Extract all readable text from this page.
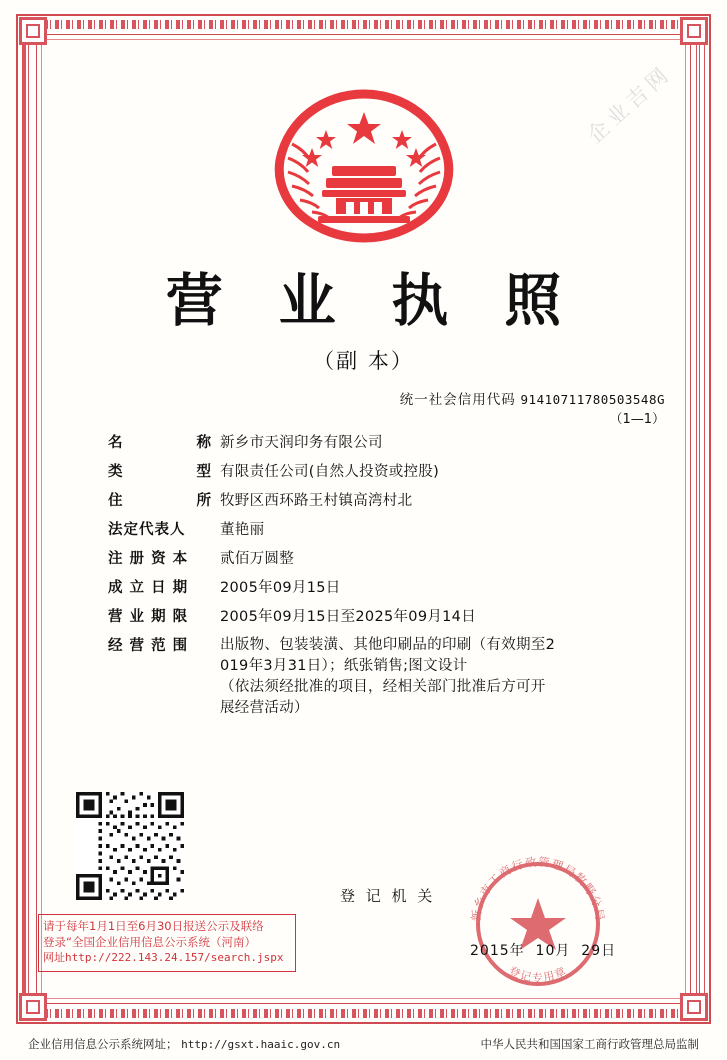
企业吉网
营 业 执 照
（副 本）
统一社会信用代码 91410711780503548G
（1—1）
名	称 新乡市天润印务有限公司
类	型 有限责任公司(自然人投资或控股)
住	所 牧野区西环路王村镇高湾村北
法定代表人	董艳丽
注 册 资 本	贰佰万圆整
成 立 日 期	2005年09月15日
营 业 期 限	2005年09月15日至2025年09月14日
经 营 范 围	出版物、包装装潢、其他印刷品的印刷（有效期至2
019年3月31日）；纸张销售;图文设计
（依法须经批准的项目，经相关部门批准后方可开
展经营活动）
请于每年1月1日至6月30日报送公示及联络
登录“全国企业信用信息公示系统（河南）
网址http://222.143.24.157/search.jspx
登 记 机 关
新乡市工商行政管理局牧野分局
登记专用章
2015年 10月 29日
企业信用信息公示系统网址； http://gsxt.haaic.gov.cn	中华人民共和国国家工商行政管理总局监制
